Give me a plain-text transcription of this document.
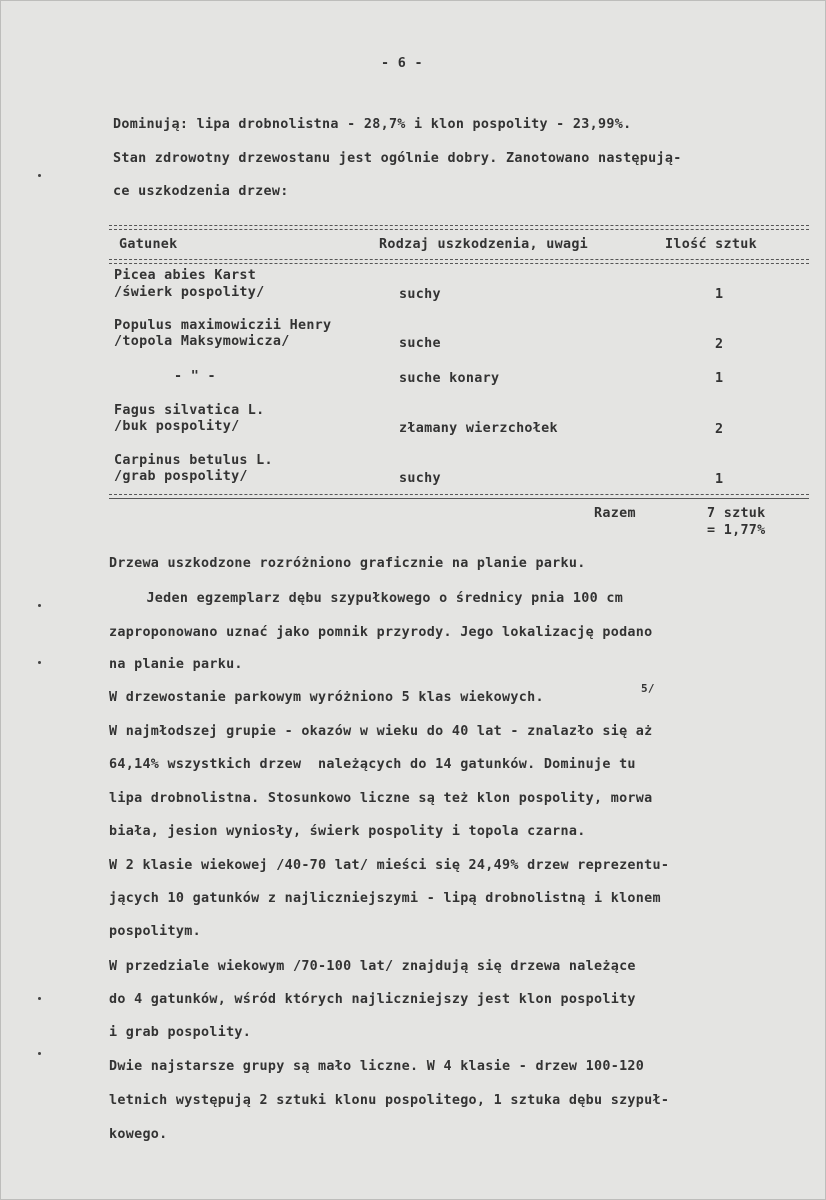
- 6 -
Dominują: lipa drobnolistna - 28,7% i klon pospolity - 23,99%.
Stan zdrowotny drzewostanu jest ogólnie dobry. Zanotowano następują-
ce uszkodzenia drzew:
Gatunek	Rodzaj uszkodzenia, uwagi	Ilość sztuk
Picea abies Karst
/świerk pospolity/	suchy	1
Populus maximowiczii Henry
/topola Maksymowicza/	suche	2
- " -	suche konary	1
Fagus silvatica L.
/buk pospolity/	złamany wierzchołek	2
Carpinus betulus L.
/grab pospolity/	suchy	1
Razem	7 sztuk
= 1,77%
Drzewa uszkodzone rozróżniono graficznie na planie parku.
Jeden egzemplarz dębu szypułkowego o średnicy pnia 100 cm
zaproponowano uznać jako pomnik przyrody. Jego lokalizację podano
na planie parku.
W drzewostanie parkowym wyróżniono 5 klas wiekowych.
5/
W najmłodszej grupie - okazów w wieku do 40 lat - znalazło się aż
64,14% wszystkich drzew  należących do 14 gatunków. Dominuje tu
lipa drobnolistna. Stosunkowo liczne są też klon pospolity, morwa
biała, jesion wyniosły, świerk pospolity i topola czarna.
W 2 klasie wiekowej /40-70 lat/ mieści się 24,49% drzew reprezentu-
jących 10 gatunków z najliczniejszymi - lipą drobnolistną i klonem
pospolitym.
W przedziale wiekowym /70-100 lat/ znajdują się drzewa należące
do 4 gatunków, wśród których najliczniejszy jest klon pospolity
i grab pospolity.
Dwie najstarsze grupy są mało liczne. W 4 klasie - drzew 100-120
letnich występują 2 sztuki klonu pospolitego, 1 sztuka dębu szypuł-
kowego.
